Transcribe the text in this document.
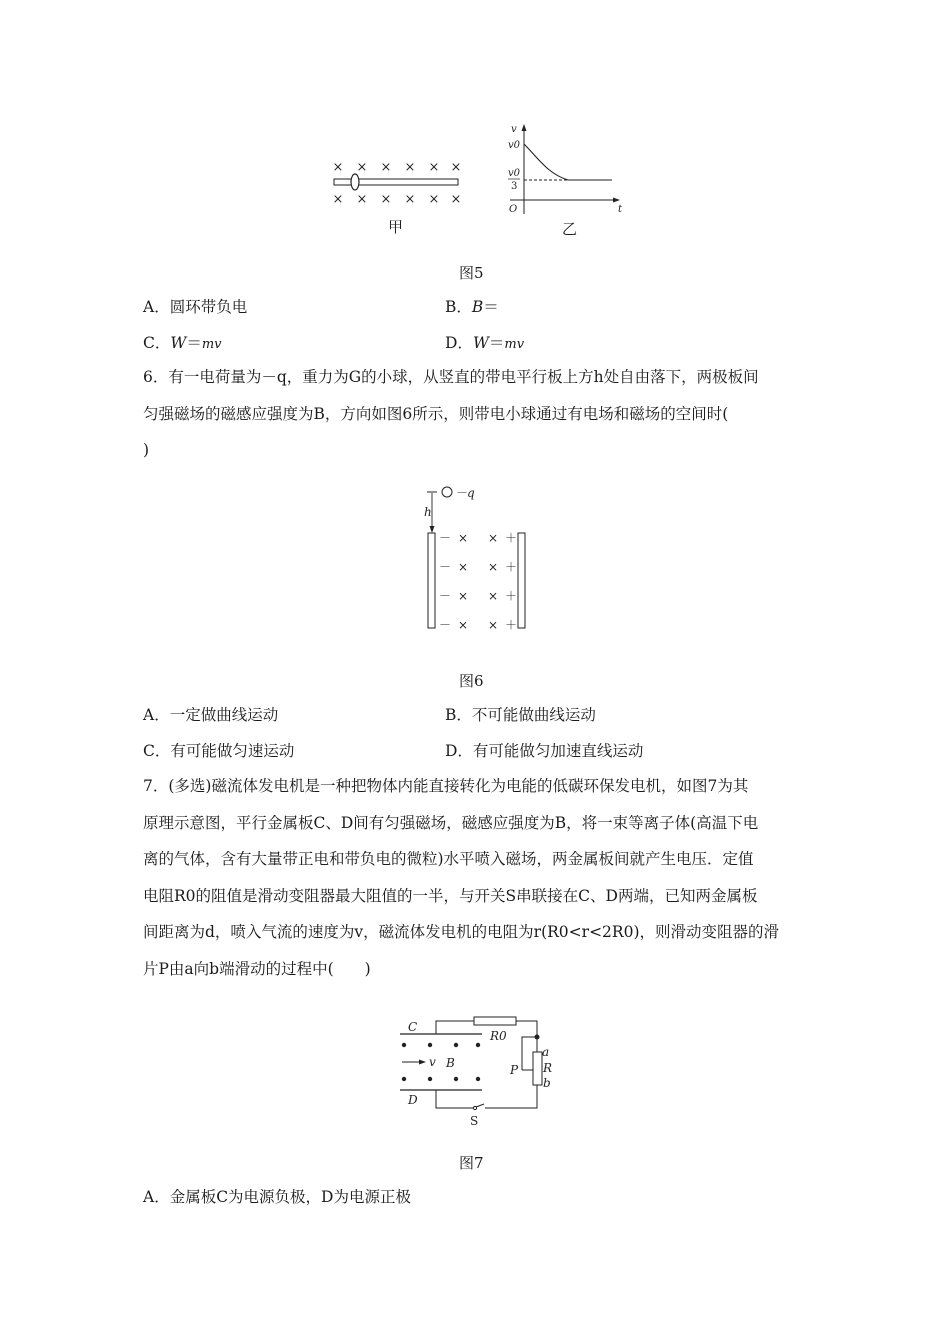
× × × × × ×
× × × × × ×
甲
v
v0
v0
t
O
3
乙
图5
A．圆环带负电	B．B＝
C．W＝mv	D．W＝mv
6．有一电荷量为－q，重力为G的小球，从竖直的带电平行板上方h处自由落下，两极板间
匀强磁场的磁感应强度为B，方向如图6所示，则带电小球通过有电场和磁场的空间时(
)
－q
h
－
－
－
－
＋
＋
＋
＋
× ×
× ×
× ×
× ×
图6
A．一定做曲线运动	B．不可能做曲线运动
C．有可能做匀速运动	D．有可能做匀加速直线运动
7．(多选)磁流体发电机是一种把物体内能直接转化为电能的低碳环保发电机，如图7为其
原理示意图，平行金属板C、D间有匀强磁场，磁感应强度为B，将一束等离子体(高温下电
离的气体，含有大量带正电和带负电的微粒)水平喷入磁场，两金属板间就产生电压．定值
电阻R0的阻值是滑动变阻器最大阻值的一半，与开关S串联接在C、D两端，已知两金属板
间距离为d，喷入气流的速度为v，磁流体发电机的电阻为r(R0<r<2R0)，则滑动变阻器的滑
片P由a向b端滑动的过程中(　　)
C
D
R0
P R
a
b
B
v
S
图7
A．金属板C为电源负极，D为电源正极
